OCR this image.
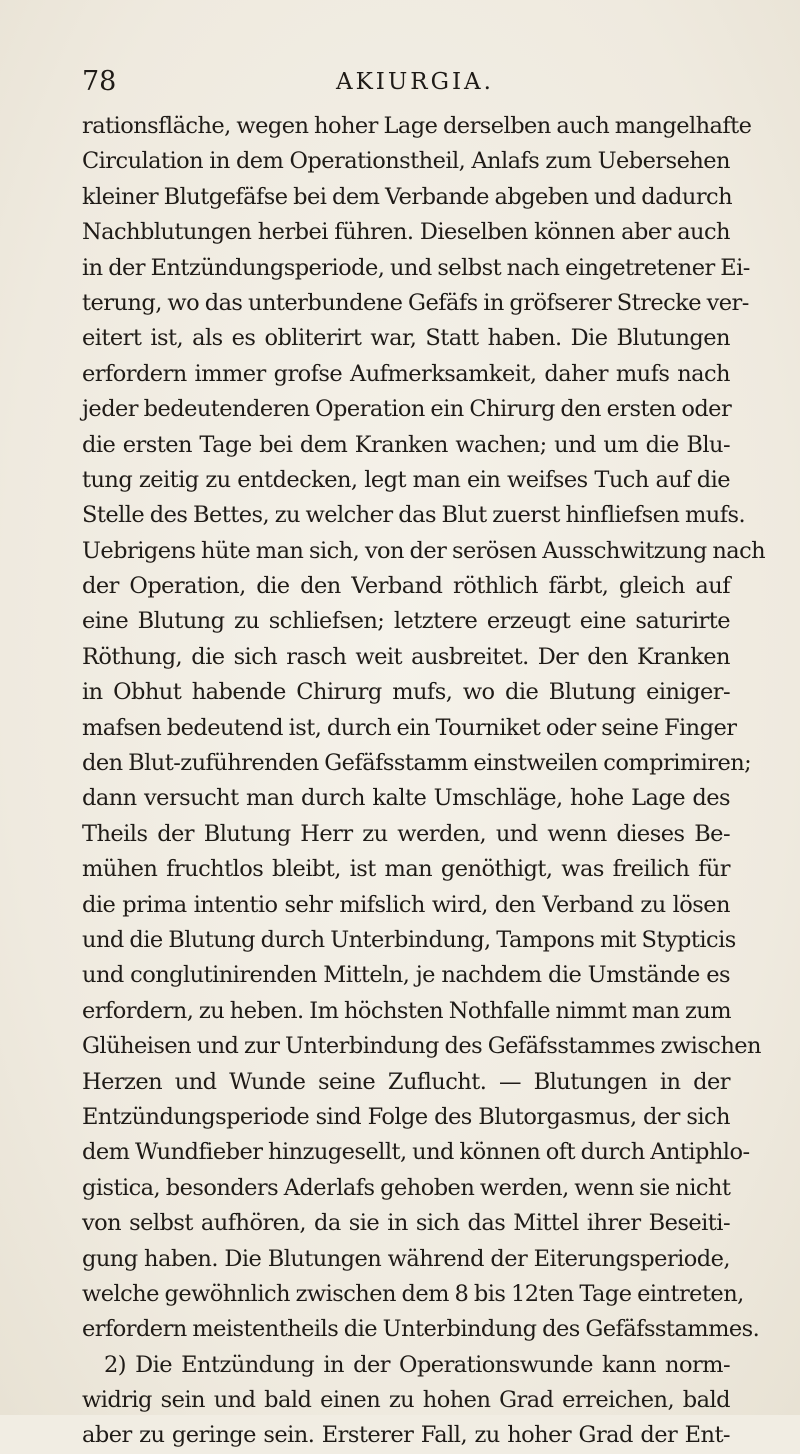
78	AKIURGIA.
rationsfläche, wegen hoher Lage derselben auch mangelhafte
Circulation in dem Operationstheil, Anlafs zum Uebersehen
kleiner Blutgefäfse bei dem Verbande abgeben und dadurch
Nachblutungen herbei führen. Dieselben können aber auch
in der Entzündungsperiode, und selbst nach eingetretener Ei-
terung, wo das unterbundene Gefäfs in gröfserer Strecke ver-
eitert ist, als es obliterirt war, Statt haben. Die Blutungen
erfordern immer grofse Aufmerksamkeit, daher mufs nach
jeder bedeutenderen Operation ein Chirurg den ersten oder
die ersten Tage bei dem Kranken wachen; und um die Blu-
tung zeitig zu entdecken, legt man ein weifses Tuch auf die
Stelle des Bettes, zu welcher das Blut zuerst hinfliefsen mufs.
Uebrigens hüte man sich, von der serösen Ausschwitzung nach
der Operation, die den Verband röthlich färbt, gleich auf
eine Blutung zu schliefsen; letztere erzeugt eine saturirte
Röthung, die sich rasch weit ausbreitet. Der den Kranken
in Obhut habende Chirurg mufs, wo die Blutung einiger-
mafsen bedeutend ist, durch ein Tourniket oder seine Finger
den Blut-zuführenden Gefäfsstamm einstweilen comprimiren;
dann versucht man durch kalte Umschläge, hohe Lage des
Theils der Blutung Herr zu werden, und wenn dieses Be-
mühen fruchtlos bleibt, ist man genöthigt, was freilich für
die prima intentio sehr mifslich wird, den Verband zu lösen
und die Blutung durch Unterbindung, Tampons mit Stypticis
und conglutinirenden Mitteln, je nachdem die Umstände es
erfordern, zu heben. Im höchsten Nothfalle nimmt man zum
Glüheisen und zur Unterbindung des Gefäfsstammes zwischen
Herzen und Wunde seine Zuflucht. — Blutungen in der
Entzündungsperiode sind Folge des Blutorgasmus, der sich
dem Wundfieber hinzugesellt, und können oft durch Antiphlo-
gistica, besonders Aderlafs gehoben werden, wenn sie nicht
von selbst aufhören, da sie in sich das Mittel ihrer Beseiti-
gung haben. Die Blutungen während der Eiterungsperiode,
welche gewöhnlich zwischen dem 8 bis 12ten Tage eintreten,
erfordern meistentheils die Unterbindung des Gefäfsstammes.
2) Die Entzündung in der Operationswunde kann norm-
widrig sein und bald einen zu hohen Grad erreichen, bald
aber zu geringe sein. Ersterer Fall, zu hoher Grad der Ent-
